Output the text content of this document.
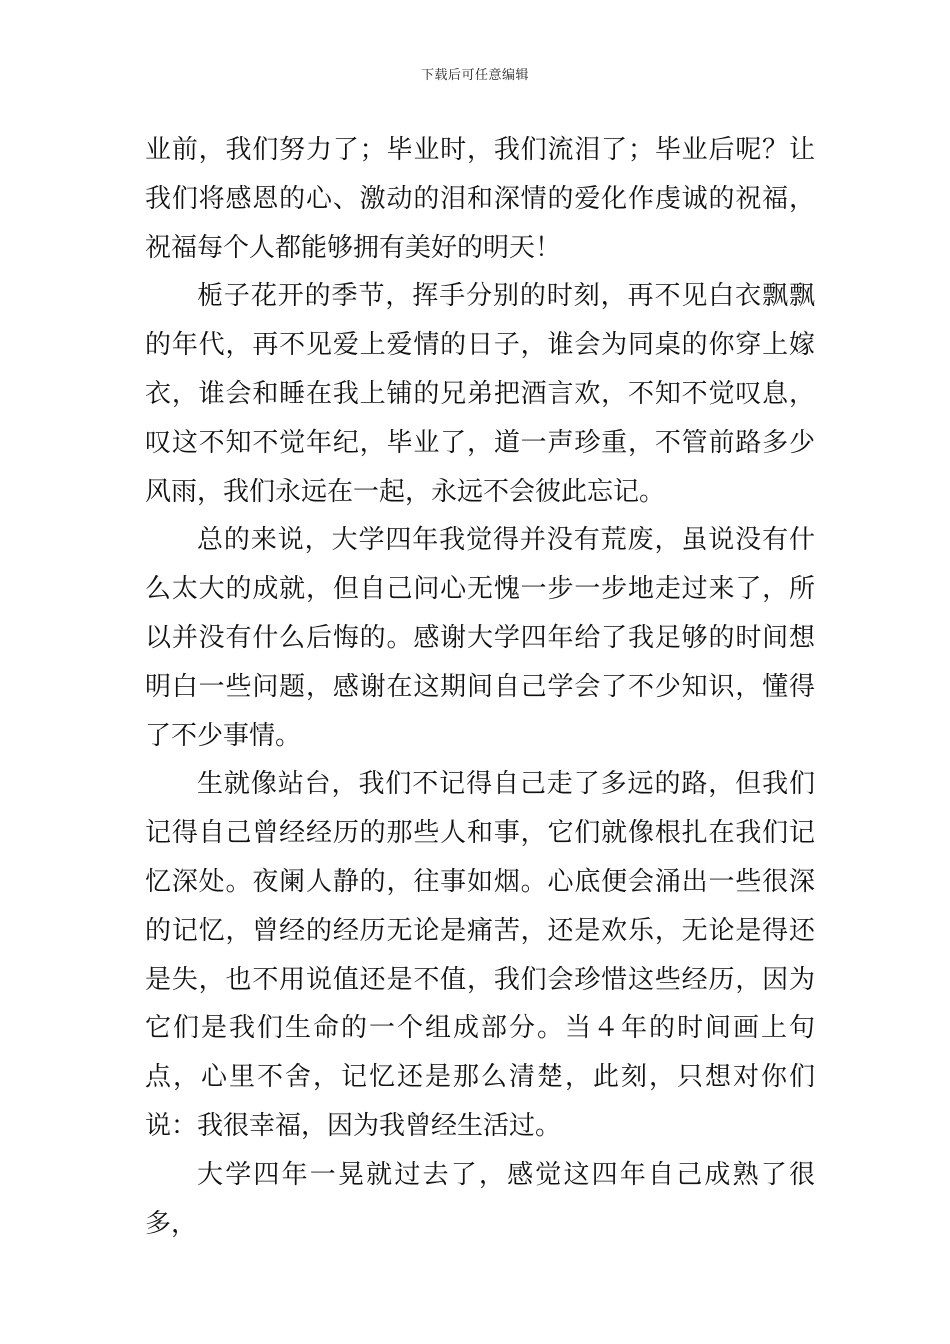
下载后可任意编辑

业前，我们努力了；毕业时，我们流泪了；毕业后呢？让我们将感恩的心、激动的泪和深情的爱化作虔诚的祝福，祝福每个人都能够拥有美好的明天！

栀子花开的季节，挥手分别的时刻，再不见白衣飘飘的年代，再不见爱上爱情的日子，谁会为同桌的你穿上嫁衣，谁会和睡在我上铺的兄弟把酒言欢，不知不觉叹息，叹这不知不觉年纪，毕业了，道一声珍重，不管前路多少风雨，我们永远在一起，永远不会彼此忘记。

总的来说，大学四年我觉得并没有荒废，虽说没有什么太大的成就，但自己问心无愧一步一步地走过来了，所以并没有什么后悔的。感谢大学四年给了我足够的时间想明白一些问题，感谢在这期间自己学会了不少知识，懂得了不少事情。

生就像站台，我们不记得自己走了多远的路，但我们记得自己曾经经历的那些人和事，它们就像根扎在我们记忆深处。夜阑人静的，往事如烟。心底便会涌出一些很深的记忆，曾经的经历无论是痛苦，还是欢乐，无论是得还是失，也不用说值还是不值，我们会珍惜这些经历，因为它们是我们生命的一个组成部分。当４年的时间画上句点，心里不舍，记忆还是那么清楚，此刻，只想对你们说：我很幸福，因为我曾经生活过。

大学四年一晃就过去了，感觉这四年自己成熟了很多，
